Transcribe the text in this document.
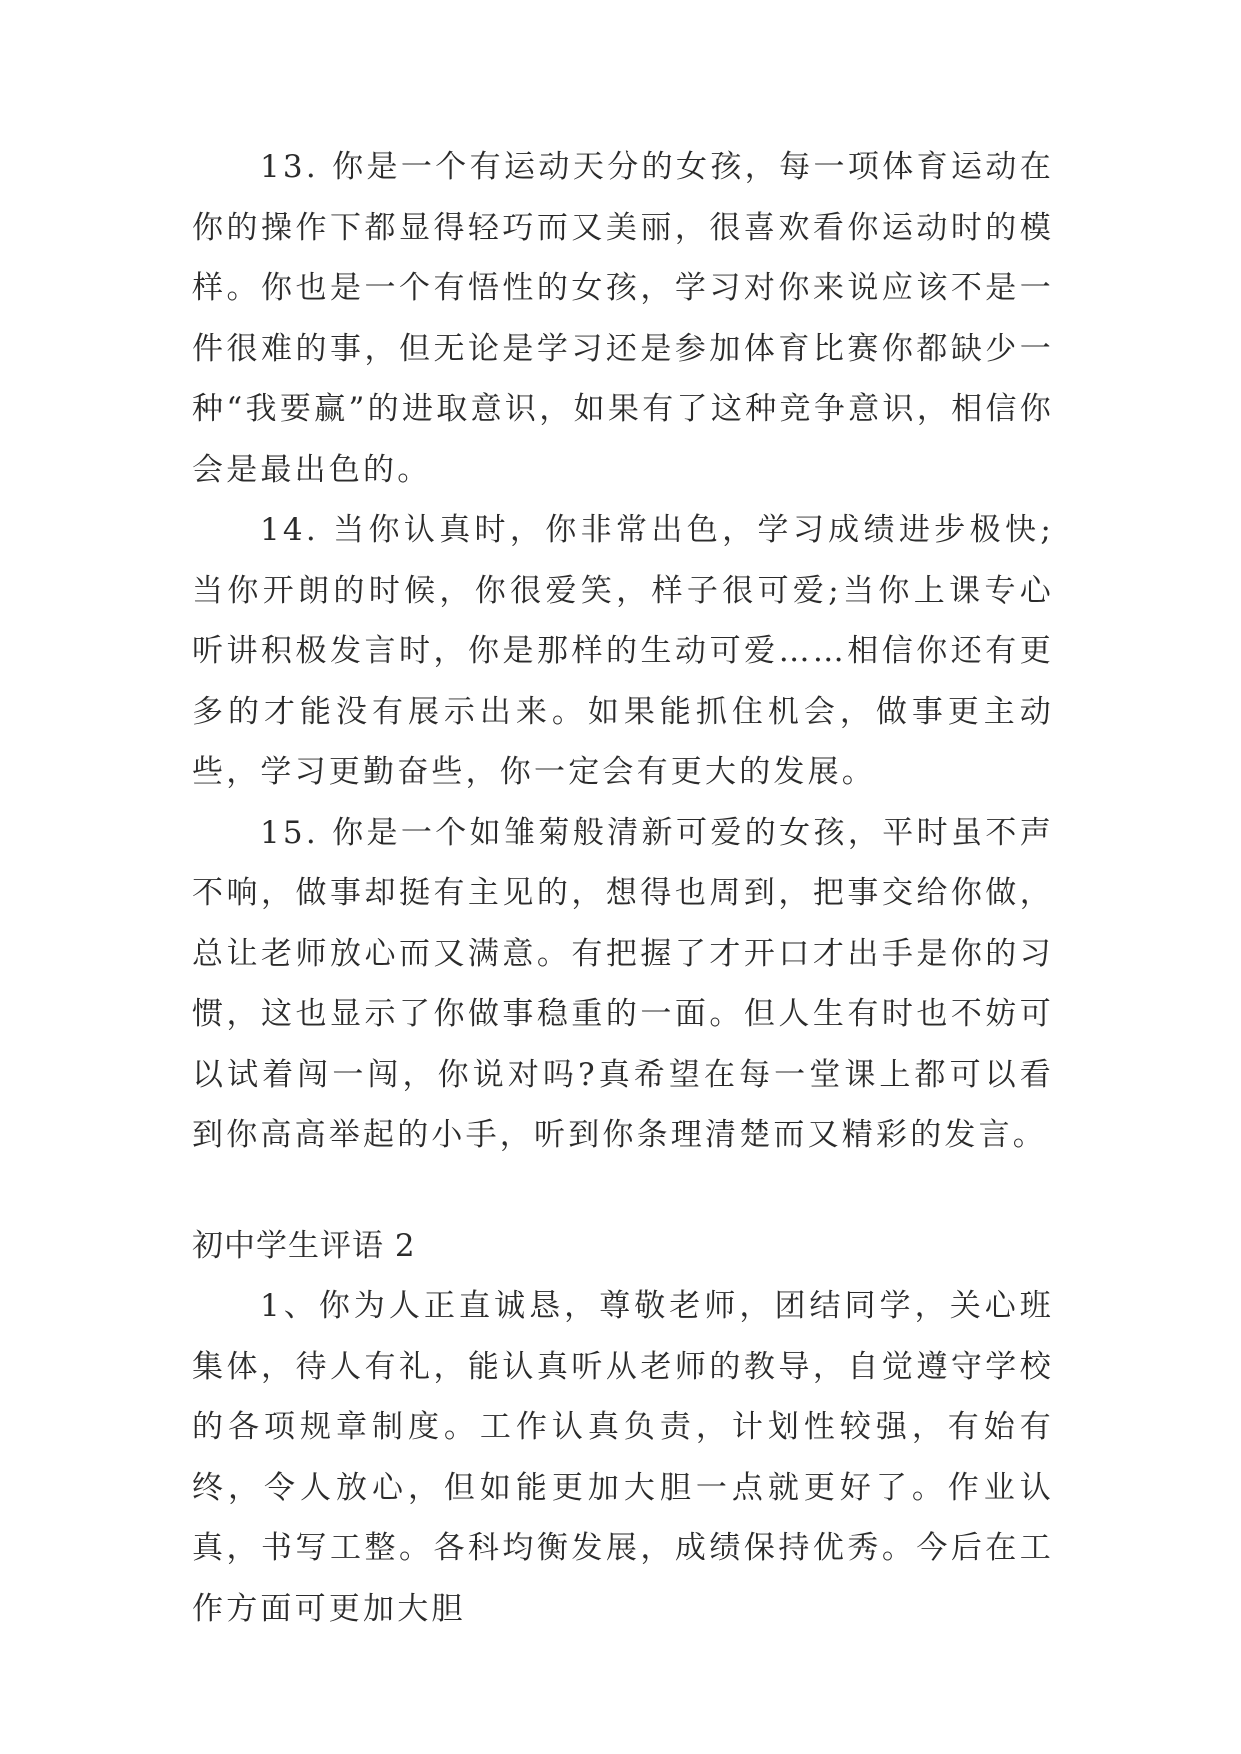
13. 你是一个有运动天分的女孩，每一项体育运动在你的操作下都显得轻巧而又美丽，很喜欢看你运动时的模样。你也是一个有悟性的女孩，学习对你来说应该不是一件很难的事，但无论是学习还是参加体育比赛你都缺少一种“我要赢”的进取意识，如果有了这种竞争意识，相信你会是最出色的。

14. 当你认真时，你非常出色，学习成绩进步极快;当你开朗的时候，你很爱笑，样子很可爱;当你上课专心听讲积极发言时，你是那样的生动可爱……相信你还有更多的才能没有展示出来。如果能抓住机会，做事更主动些，学习更勤奋些，你一定会有更大的发展。

15. 你是一个如雏菊般清新可爱的女孩，平时虽不声不响，做事却挺有主见的，想得也周到，把事交给你做，总让老师放心而又满意。有把握了才开口才出手是你的习惯，这也显示了你做事稳重的一面。但人生有时也不妨可以试着闯一闯，你说对吗?真希望在每一堂课上都可以看到你高高举起的小手，听到你条理清楚而又精彩的发言。

初中学生评语 2

1、你为人正直诚恳，尊敬老师，团结同学，关心班集体，待人有礼，能认真听从老师的教导，自觉遵守学校的各项规章制度。工作认真负责，计划性较强，有始有终，令人放心，但如能更加大胆一点就更好了。作业认真，书写工整。各科均衡发展，成绩保持优秀。今后在工作方面可更加大胆
